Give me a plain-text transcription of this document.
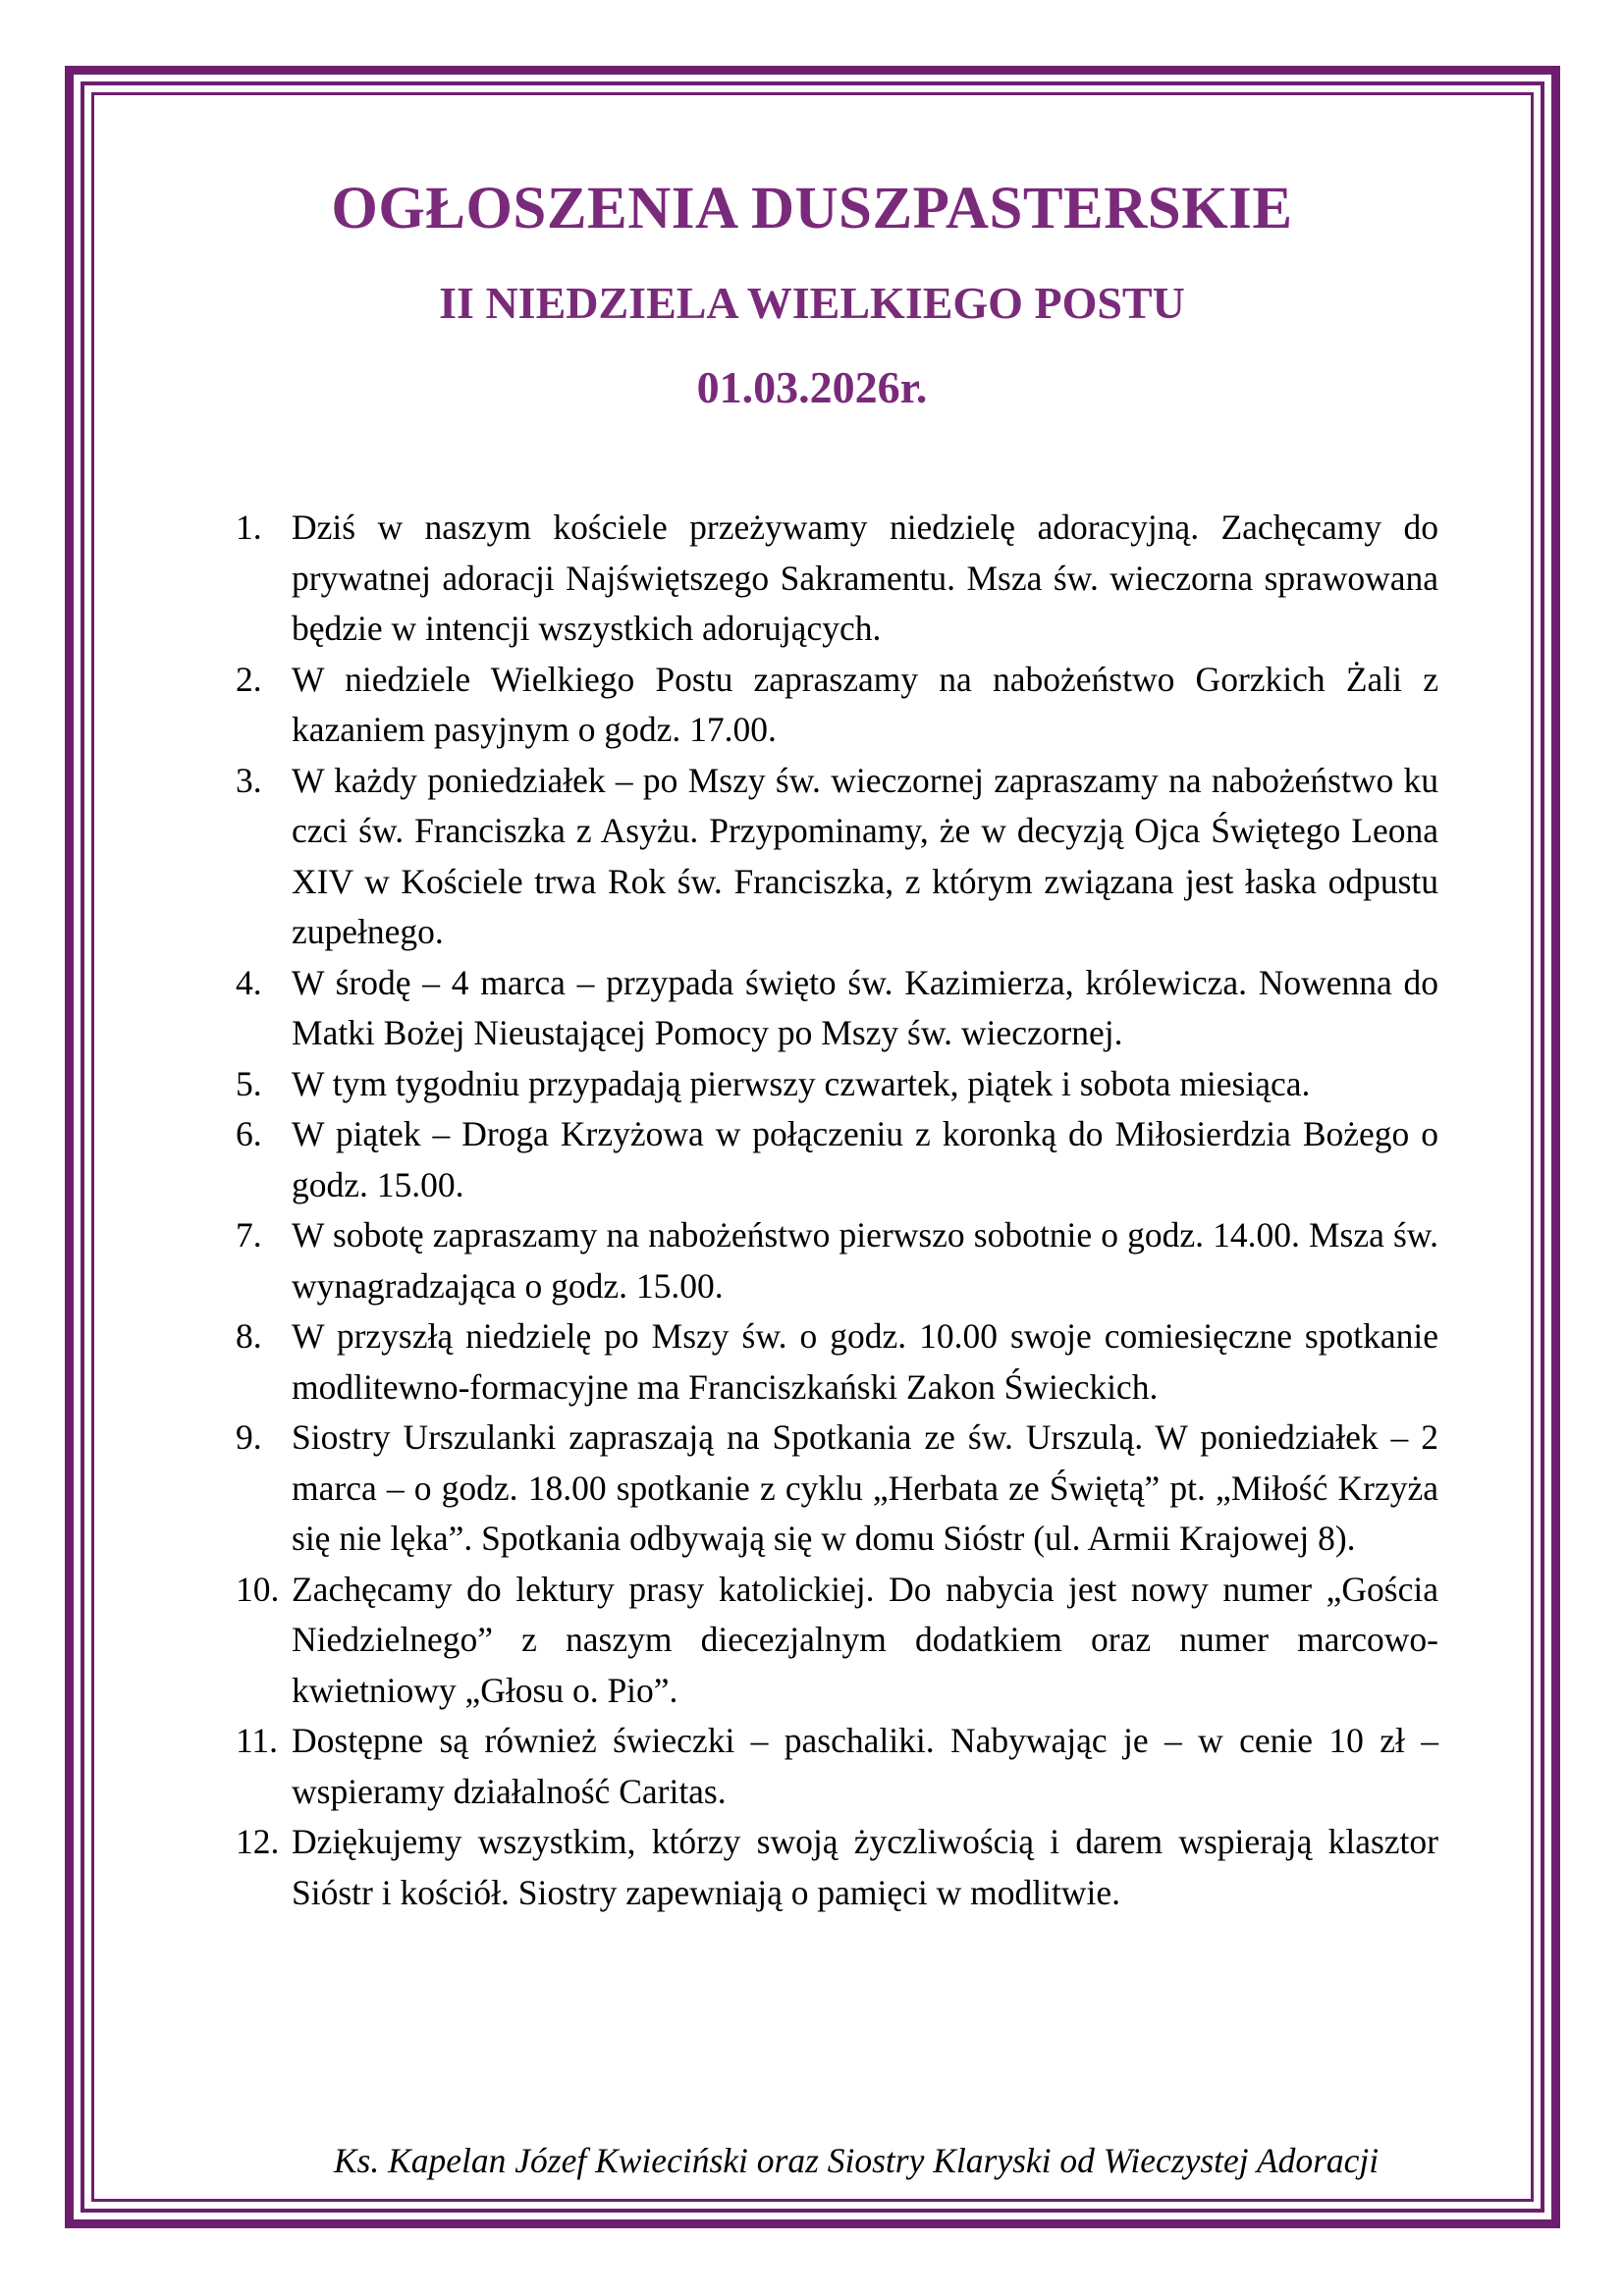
OGŁOSZENIA DUSZPASTERSKIE
II NIEDZIELA WIELKIEGO POSTU
01.03.2026r.
1. Dziś w naszym kościele przeżywamy niedzielę adoracyjną. Zachęcamy do prywatnej adoracji Najświętszego Sakramentu. Msza św. wieczorna sprawowana będzie w intencji wszystkich adorujących.
2. W niedziele Wielkiego Postu zapraszamy na nabożeństwo Gorzkich Żali z kazaniem pasyjnym o godz. 17.00.
3. W każdy poniedziałek – po Mszy św. wieczornej zapraszamy na nabożeństwo ku czci św. Franciszka z Asyżu. Przypominamy, że w decyzją Ojca Świętego Leona XIV w Kościele trwa Rok św. Franciszka, z którym związana jest łaska odpustu zupełnego.
4. W środę – 4 marca – przypada święto św. Kazimierza, królewicza. Nowenna do Matki Bożej Nieustającej Pomocy po Mszy św. wieczornej.
5. W tym tygodniu przypadają pierwszy czwartek, piątek i sobota miesiąca.
6. W piątek – Droga Krzyżowa w połączeniu z koronką do Miłosierdzia Bożego o godz. 15.00.
7. W sobotę zapraszamy na nabożeństwo pierwszo sobotnie o godz. 14.00. Msza św. wynagradzająca o godz. 15.00.
8. W przyszłą niedzielę po Mszy św. o godz. 10.00 swoje comiesięczne spotkanie modlitewno-formacyjne ma Franciszkański Zakon Świeckich.
9. Siostry Urszulanki zapraszają na Spotkania ze św. Urszulą. W poniedziałek – 2 marca – o godz. 18.00 spotkanie z cyklu „Herbata ze Świętą” pt. „Miłość Krzyża się nie lęka”. Spotkania odbywają się w domu Sióstr (ul. Armii Krajowej 8).
10. Zachęcamy do lektury prasy katolickiej. Do nabycia jest nowy numer „Gościa Niedzielnego” z naszym diecezjalnym dodatkiem oraz numer marcowo-kwietniowy „Głosu o. Pio”.
11. Dostępne są również świeczki – paschaliki. Nabywając je – w cenie 10 zł – wspieramy działalność Caritas.
12. Dziękujemy wszystkim, którzy swoją życzliwością i darem wspierają klasztor Sióstr i kościół. Siostry zapewniają o pamięci w modlitwie.
Ks. Kapelan Józef Kwieciński oraz Siostry Klaryski od Wieczystej Adoracji
